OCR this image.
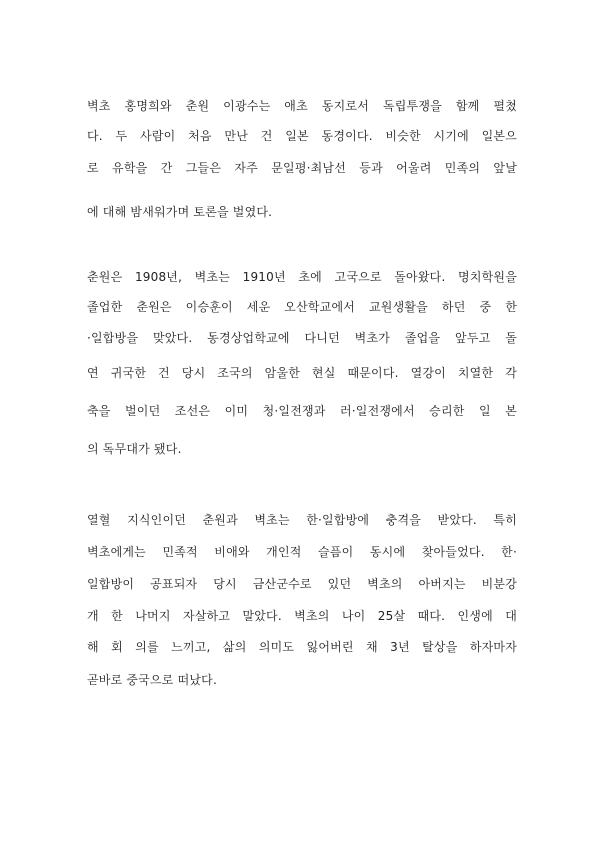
벽초 홍명희와 춘원 이광수는 애초 동지로서 독립투쟁을 함께 펼쳤
다. 두 사람이 처음 만난 건 일본 동경이다. 비슷한 시기에 일본으
로 유학을 간 그들은 자주 문일평·최남선 등과 어울려 민족의 앞날
에 대해 밤새워가며 토론을 벌였다.
춘원은 1908년, 벽초는 1910년 초에 고국으로 돌아왔다. 명치학원을
졸업한 춘원은 이승훈이 세운 오산학교에서 교원생활을 하던 중 한
·일합방을 맞았다. 동경상업학교에 다니던 벽초가 졸업을 앞두고 돌
연 귀국한 건 당시 조국의 암울한 현실 때문이다. 열강이 치열한 각
축을 벌이던 조선은 이미 청·일전쟁과 러·일전쟁에서 승리한 일 본
의 독무대가 됐다.
열혈 지식인이던 춘원과 벽초는 한·일합방에 충격을 받았다. 특히
벽초에게는 민족적 비애와 개인적 슬픔이 동시에 찾아들었다. 한·
일합방이 공표되자 당시 금산군수로 있던 벽초의 아버지는 비분강
개 한 나머지 자살하고 말았다. 벽초의 나이 25살 때다. 인생에 대
해 회 의를 느끼고, 삶의 의미도 잃어버린 채 3년 탈상을 하자마자
곧바로 중국으로 떠났다.
